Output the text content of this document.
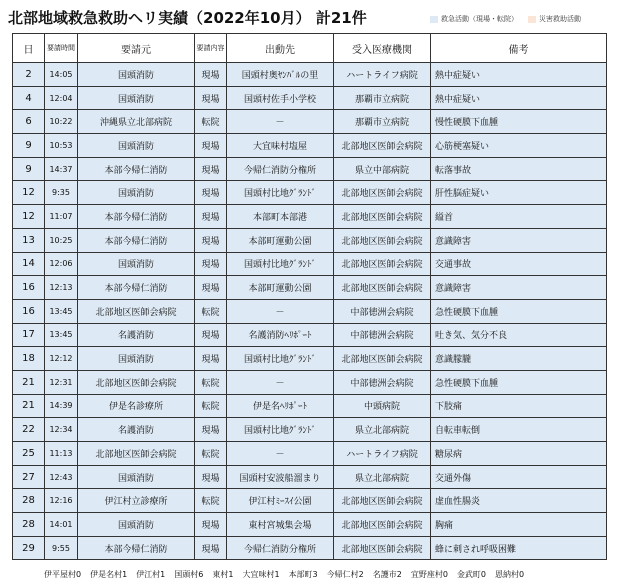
北部地域救急救助ヘリ実績（2022年10月） 計21件	救急活動（現場・転院）	災害救助活動
日	要請時間	要請元	要請内容	出動先	受入医療機関	備考
2	14:05	国頭消防	現場	国頭村奥ﾔﾝﾊﾞﾙの里	ハートライフ病院	熱中症疑い
4	12:04	国頭消防	現場	国頭村佐手小学校	那覇市立病院	熱中症疑い
6	10:22	沖縄県立北部病院	転院	－	那覇市立病院	慢性硬膜下血腫
9	10:53	国頭消防	現場	大宜味村塩屋	北部地区医師会病院	心筋梗塞疑い
9	14:37	本部今帰仁消防	現場	今帰仁消防分権所	県立中部病院	転落事故
12	9:35	国頭消防	現場	国頭村比地ｸﾞﾗﾝﾄﾞ	北部地区医師会病院	肝性脳症疑い
12	11:07	本部今帰仁消防	現場	本部町本部港	北部地区医師会病院	縊首
13	10:25	本部今帰仁消防	現場	本部町運動公園	北部地区医師会病院	意識障害
14	12:06	国頭消防	現場	国頭村比地ｸﾞﾗﾝﾄﾞ	北部地区医師会病院	交通事故
16	12:13	本部今帰仁消防	現場	本部町運動公園	北部地区医師会病院	意識障害
16	13:45	北部地区医師会病院	転院	－	中部徳洲会病院	急性硬膜下血腫
17	13:45	名護消防	現場	名護消防ﾍﾘﾎﾟｰﾄ	中部徳洲会病院	吐き気、気分不良
18	12:12	国頭消防	現場	国頭村比地ｸﾞﾗﾝﾄﾞ	北部地区医師会病院	意識朦朧
21	12:31	北部地区医師会病院	転院	－	中部徳洲会病院	急性硬膜下血腫
21	14:39	伊是名診療所	転院	伊是名ﾍﾘﾎﾟｰﾄ	中頭病院	下肢痛
22	12:34	名護消防	現場	国頭村比地ｸﾞﾗﾝﾄﾞ	県立北部病院	自転車転倒
25	11:13	北部地区医師会病院	転院	－	ハートライフ病院	糖尿病
27	12:43	国頭消防	現場	国頭村安波船溜まり	県立北部病院	交通外傷
28	12:16	伊江村立診療所	転院	伊江村ﾐｰｽｲ公園	北部地区医師会病院	虚血性腸炎
28	14:01	国頭消防	現場	東村宮城集会場	北部地区医師会病院	胸痛
29	9:55	本部今帰仁消防	現場	今帰仁消防分権所	北部地区医師会病院	蜂に刺され呼吸困難
伊平屋村0 伊是名村1 伊江村1 国頭村6 東村1 大宜味村1 本部町3 今帰仁村2 名護市2 宜野座村0 金武町0 恩納村0
